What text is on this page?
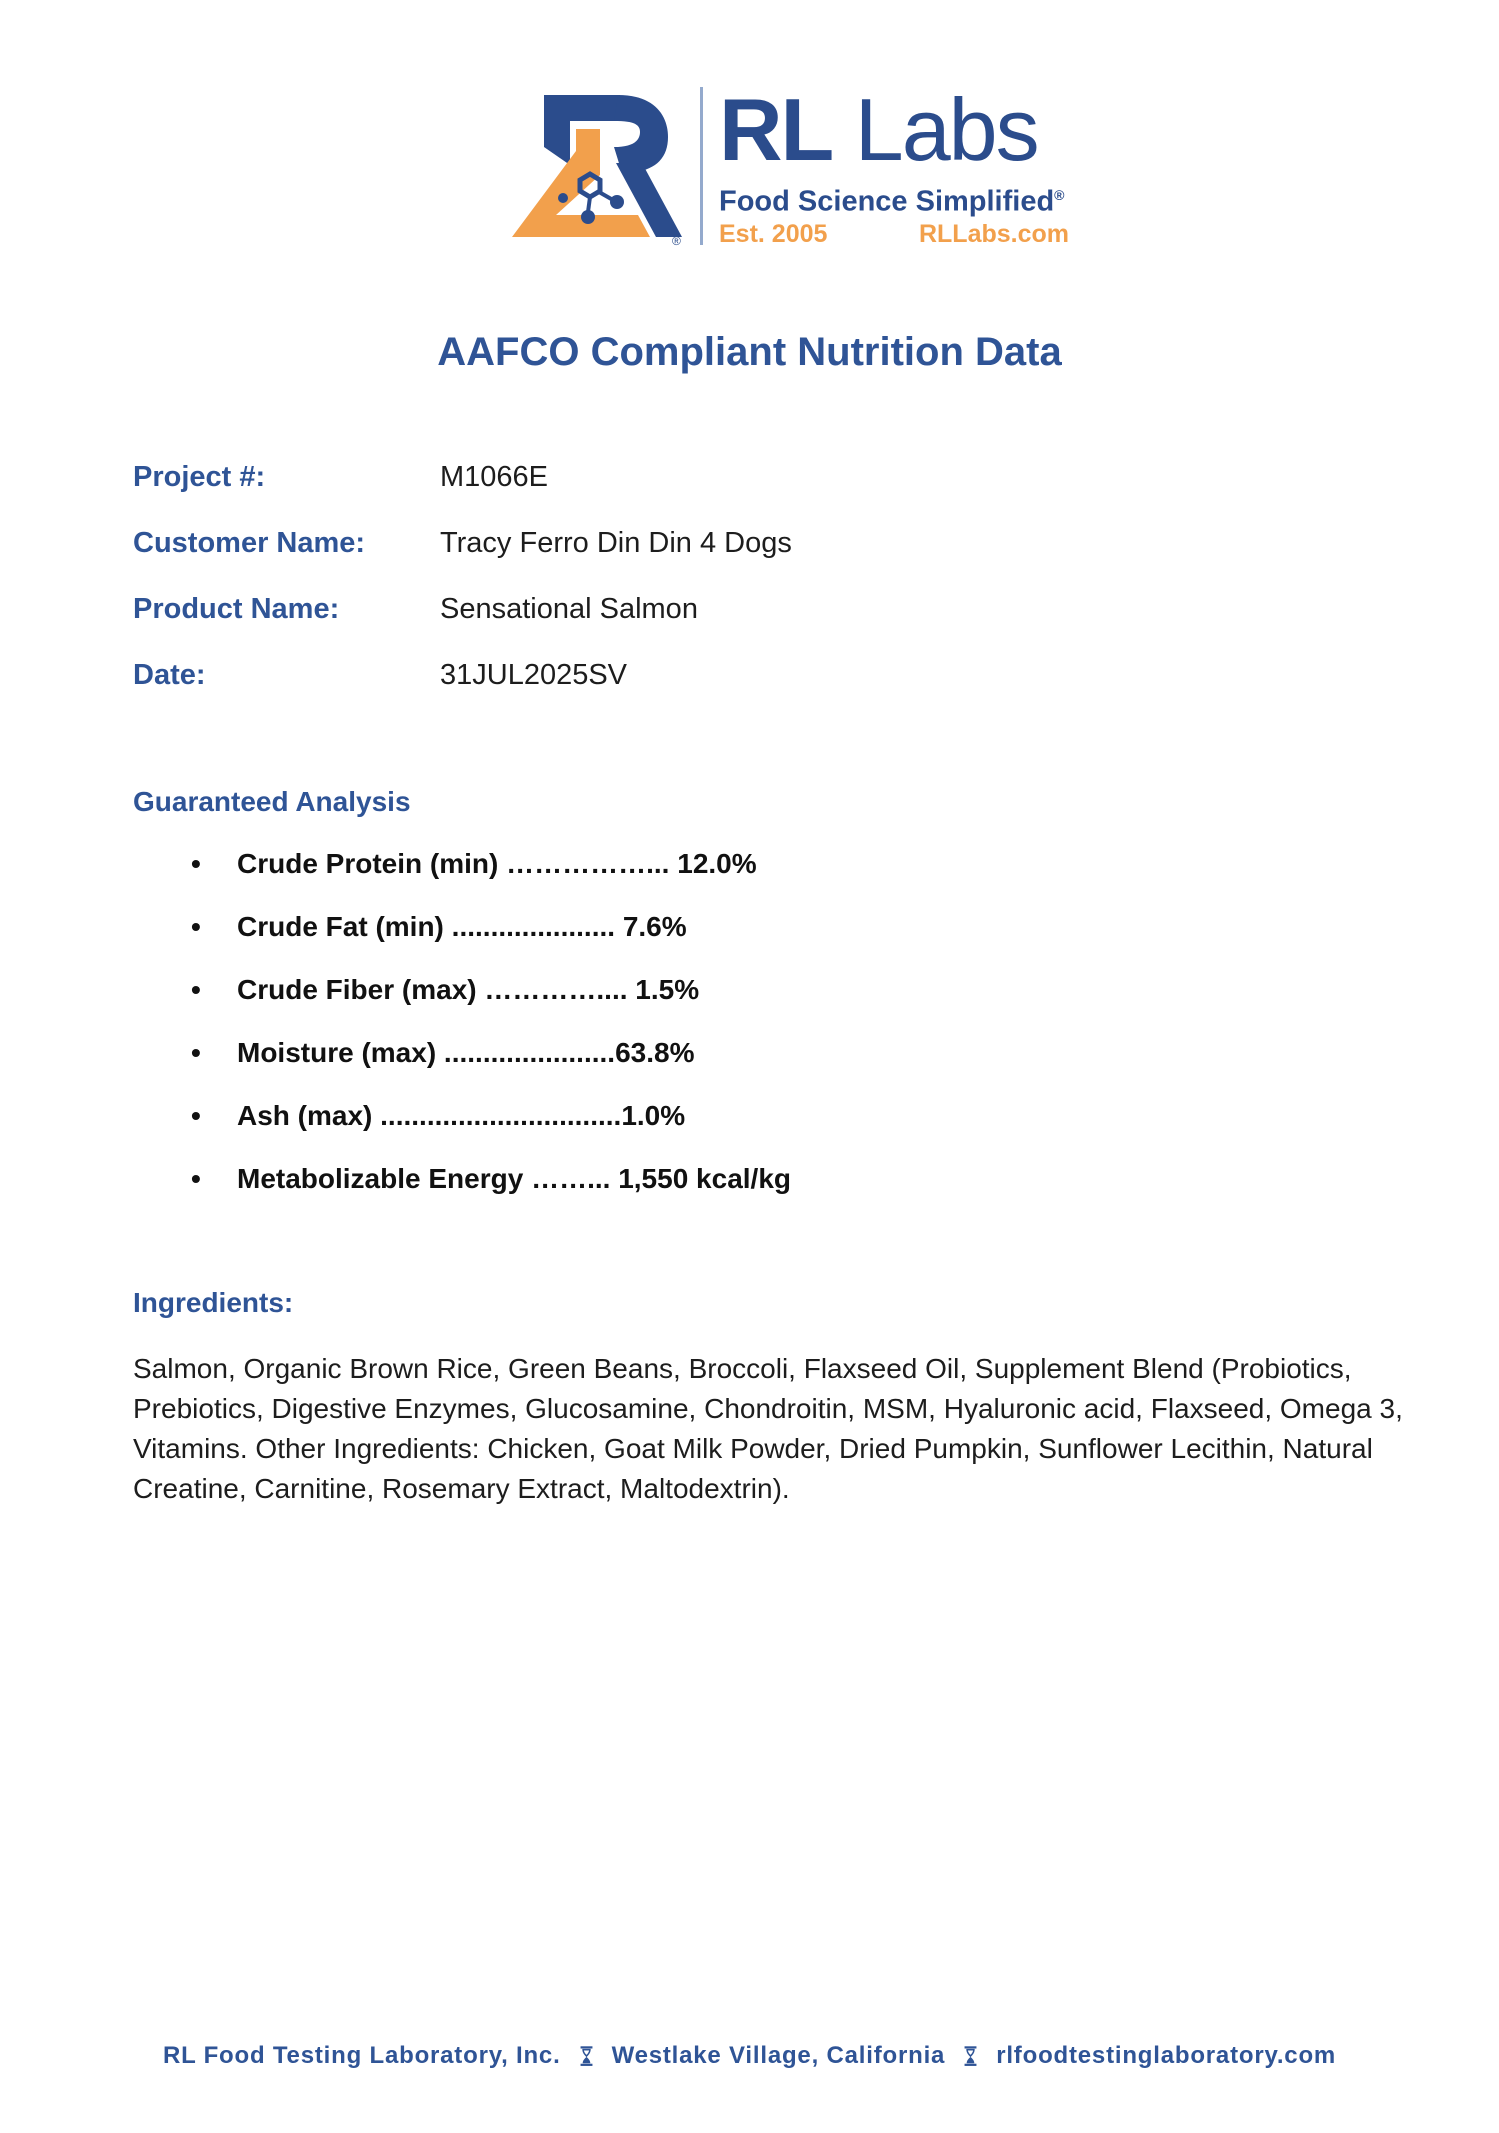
®
RL Labs
Food Science Simplified®
Est. 2005	RLLabs.com
AAFCO Compliant Nutrition Data
Project #:	M1066E
Customer Name:	Tracy Ferro Din Din 4 Dogs
Product Name:	Sensational Salmon
Date:	31JUL2025SV
Guaranteed Analysis
•	Crude Protein (min) ……………... 12.0%
•	Crude Fat (min) ..................... 7.6%
•	Crude Fiber (max) ………….... 1.5%
•	Moisture (max) ......................63.8%
•	Ash (max) ...............................1.0%
•	Metabolizable Energy ……... 1,550 kcal/kg
Ingredients:
Salmon, Organic Brown Rice, Green Beans, Broccoli, Flaxseed Oil, Supplement Blend (Probiotics,
Prebiotics, Digestive Enzymes, Glucosamine, Chondroitin, MSM, Hyaluronic acid, Flaxseed, Omega 3,
Vitamins. Other Ingredients: Chicken, Goat Milk Powder, Dried Pumpkin, Sunflower Lecithin, Natural
Creatine, Carnitine, Rosemary Extract, Maltodextrin).
RL Food Testing Laboratory, Inc. Westlake Village, California rlfoodtestinglaboratory.com
